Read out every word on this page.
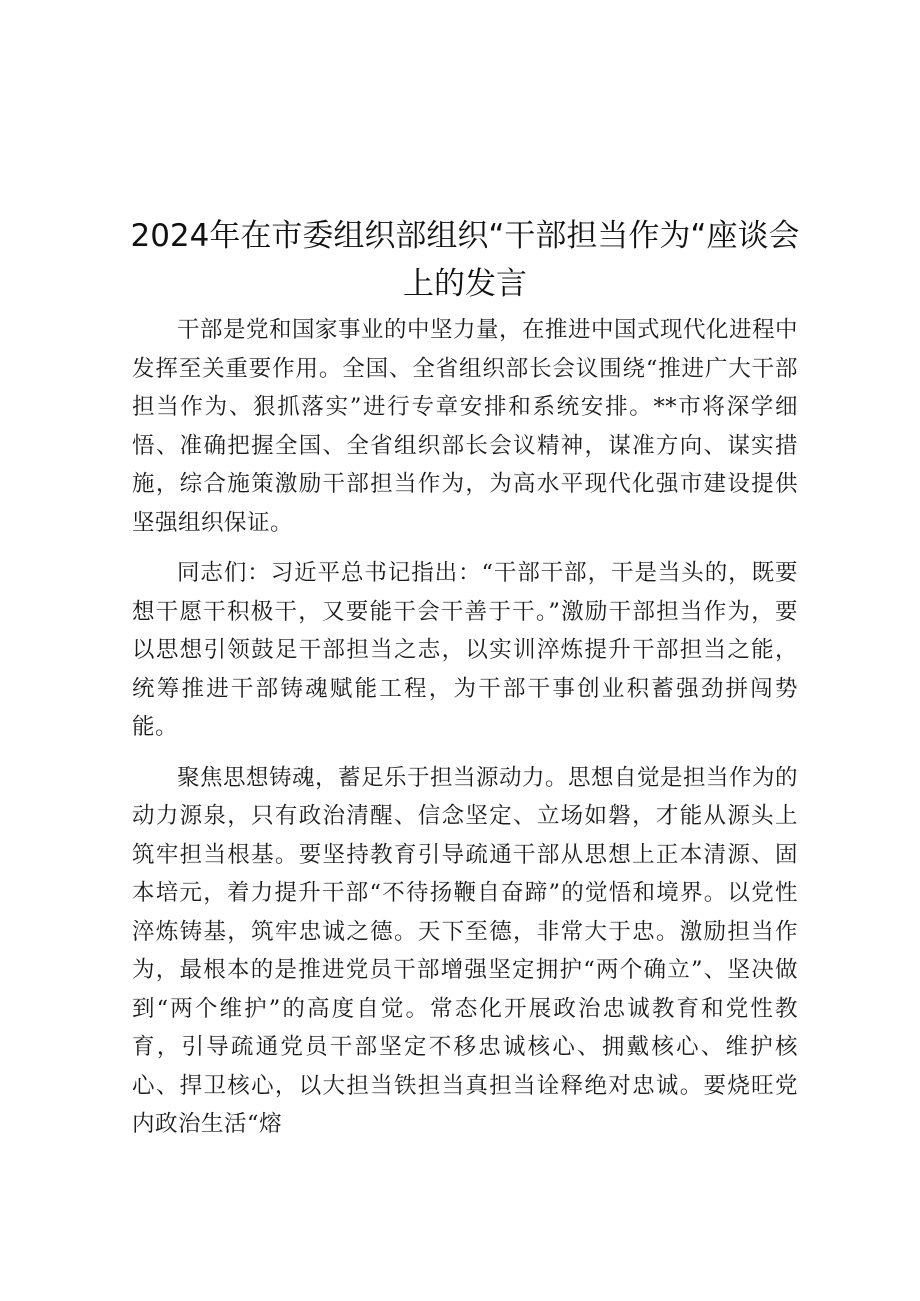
2024年在市委组织部组织“干部担当作为“座谈会上的发言

干部是党和国家事业的中坚力量，在推进中国式现代化进程中发挥至关重要作用。全国、全省组织部长会议围绕“推进广大干部担当作为、狠抓落实”进行专章安排和系统安排。**市将深学细悟、准确把握全国、全省组织部长会议精神，谋准方向、谋实措施，综合施策激励干部担当作为，为高水平现代化强市建设提供坚强组织保证。

同志们：习近平总书记指出：“干部干部，干是当头的，既要想干愿干积极干，又要能干会干善于干。”激励干部担当作为，要以思想引领鼓足干部担当之志，以实训淬炼提升干部担当之能，统筹推进干部铸魂赋能工程，为干部干事创业积蓄强劲拼闯势能。

聚焦思想铸魂，蓄足乐于担当源动力。思想自觉是担当作为的动力源泉，只有政治清醒、信念坚定、立场如磐，才能从源头上筑牢担当根基。要坚持教育引导疏通干部从思想上正本清源、固本培元，着力提升干部“不待扬鞭自奋蹄”的觉悟和境界。以党性淬炼铸基，筑牢忠诚之德。天下至德，非常大于忠。激励担当作为，最根本的是推进党员干部增强坚定拥护“两个确立”、坚决做到“两个维护”的高度自觉。常态化开展政治忠诚教育和党性教育，引导疏通党员干部坚定不移忠诚核心、拥戴核心、维护核心、捍卫核心，以大担当铁担当真担当诠释绝对忠诚。要烧旺党内政治生活“熔
